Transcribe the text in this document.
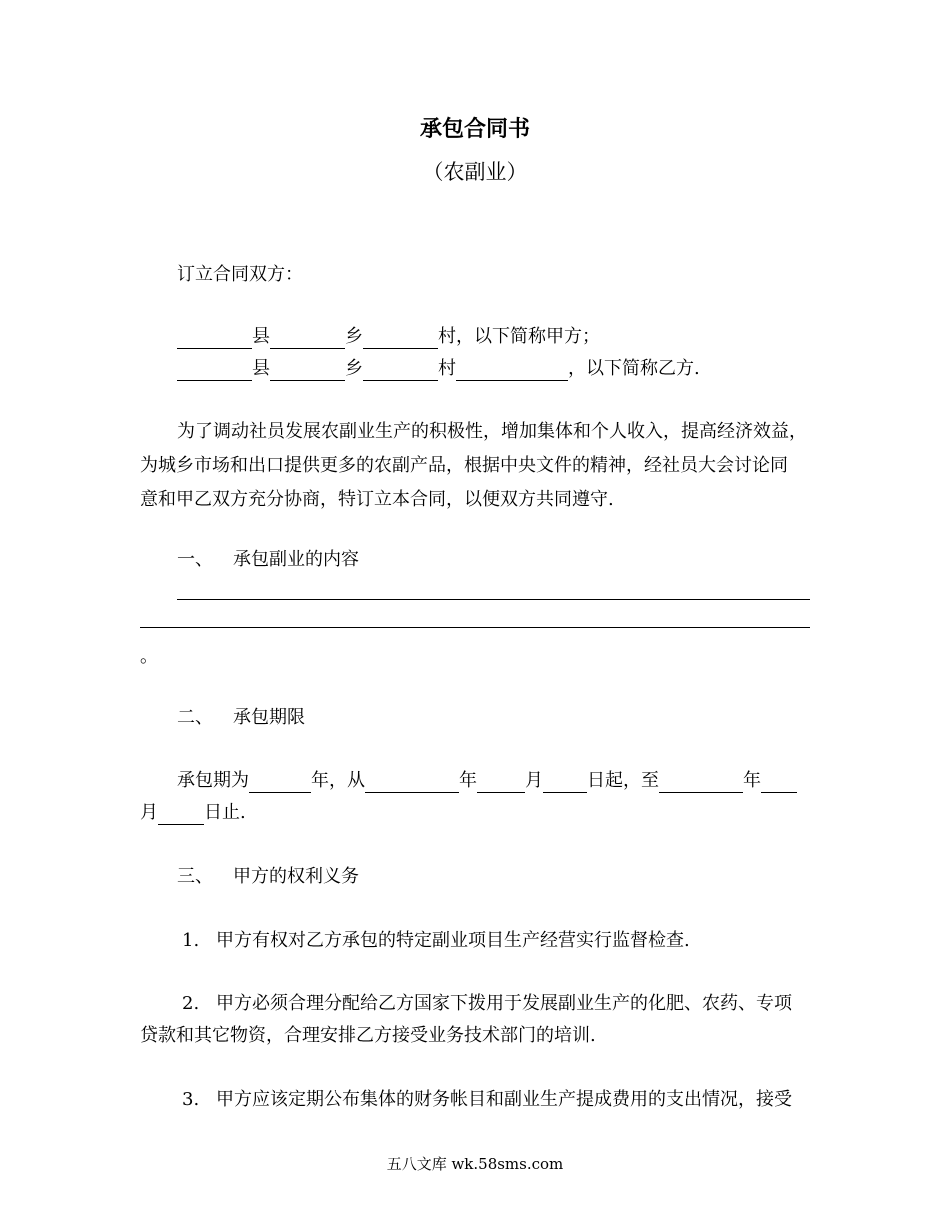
承包合同书
（农副业）
订立合同双方：
县	乡	村，以下简称甲方；
县	乡	村	，以下简称乙方.
为了调动社员发展农副业生产的积极性，增加集体和个人收入，提高经济效益，
为城乡市场和出口提供更多的农副产品，根据中央文件的精神，经社员大会讨论同
意和甲乙双方充分协商，特订立本合同，以便双方共同遵守.
一、 承包副业的内容
。
二、 承包期限
承包期为	年，从	年	月 日起，至	年
月	日止.
三、 甲方的权利义务
1. 甲方有权对乙方承包的特定副业项目生产经营实行监督检查.
2. 甲方必须合理分配给乙方国家下拨用于发展副业生产的化肥、农药、专项
贷款和其它物资，合理安排乙方接受业务技术部门的培训.
3. 甲方应该定期公布集体的财务帐目和副业生产提成费用的支出情况，接受
五八文库 wk.58sms.com
